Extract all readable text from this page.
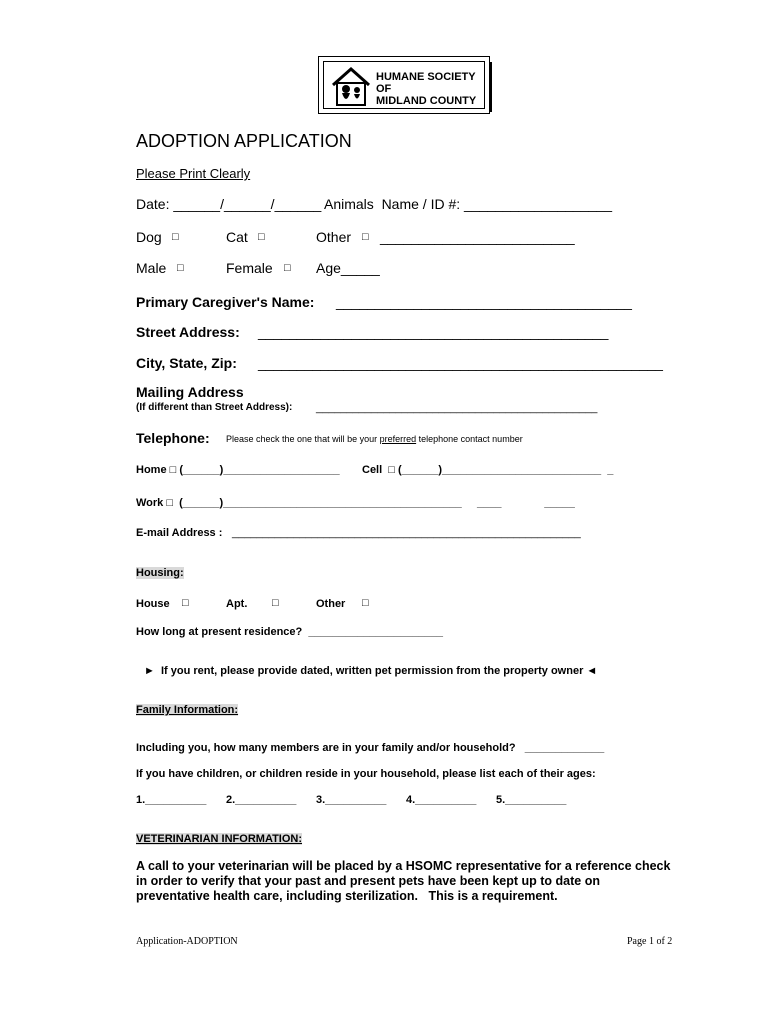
HUMANE SOCIETY
OF
MIDLAND COUNTY
ADOPTION APPLICATION
Please Print Clearly
Date: ______/______/______ Animals  Name / ID #: ___________________
Dog □	Cat □	Other □ _________________________
Male □	Female □ Age_____
Primary Caregiver's Name: ______________________________________
Street Address: _____________________________________________
City, State, Zip: ____________________________________________________
Mailing Address
(If different than Street Address): ______________________________________________
Telephone: Please check the one that will be your preferred telephone contact number
Home □ (______)___________________ Cell  □ (______)__________________________  _
Work □  (______)_______________________________________     ____              _____
E-mail Address : _________________________________________________________
Housing:
House □	Apt. □	Other □
How long at present residence?  ______________________
►  If you rent, please provide dated, written pet permission from the property owner ◄
Family Information:
Including you, how many members are in your family and/or household?   _____________
If you have children, or children reside in your household, please list each of their ages:
1.__________ 2.__________ 3.__________ 4.__________ 5.__________
VETERINARIAN INFORMATION:
A call to your veterinarian will be placed by a HSOMC representative for a reference check
in order to verify that your past and present pets have been kept up to date on
preventative health care, including sterilization.   This is a requirement.
Application-ADOPTION	Page 1 of 2
